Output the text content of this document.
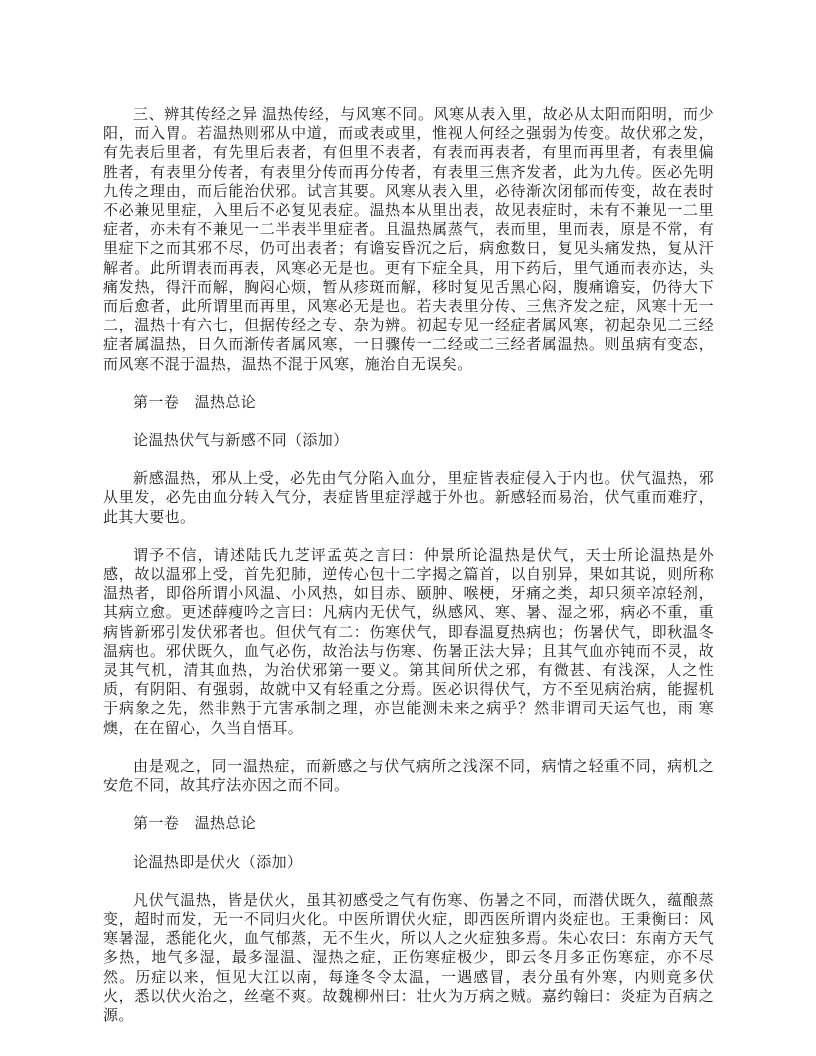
三、辨其传经之异 温热传经，与风寒不同。风寒从表入里，故必从太阳而阳明，而少阳，而入胃。若温热则邪从中道，而或表或里，惟视人何经之强弱为传变。故伏邪之发，有先表后里者，有先里后表者，有但里不表者，有表而再表者，有里而再里者，有表里偏胜者，有表里分传者，有表里分传而再分传者，有表里三焦齐发者，此为九传。医必先明九传之理由，而后能治伏邪。试言其要。风寒从表入里，必待渐次闭郁而传变，故在表时不必兼见里症，入里后不必复见表症。温热本从里出表，故见表症时，未有不兼见一二里症者，亦未有不兼见一二半表半里症者。且温热属蒸气，表而里，里而表，原是不常，有里症下之而其邪不尽，仍可出表者；有谵妄昏沉之后，病愈数日，复见头痛发热，复从汗解者。此所谓表而再表，风寒必无是也。更有下症全具，用下药后，里气通而表亦达，头痛发热，得汗而解，胸闷心烦，暂从疹斑而解，移时复见舌黑心闷，腹痛谵妄，仍待大下而后愈者，此所谓里而再里，风寒必无是也。若夫表里分传、三焦齐发之症，风寒十无一二，温热十有六七，但据传经之专、杂为辨。初起专见一经症者属风寒，初起杂见二三经症者属温热，日久而渐传者属风寒，一日骤传一二经或二三经者属温热。则虽病有变态，而风寒不混于温热，温热不混于风寒，施治自无误矣。

第一卷　温热总论

论温热伏气与新感不同（添加）

新感温热，邪从上受，必先由气分陷入血分，里症皆表症侵入于内也。伏气温热，邪从里发，必先由血分转入气分，表症皆里症浮越于外也。新感轻而易治，伏气重而难疗，此其大要也。

谓予不信，请述陆氏九芝评孟英之言曰：仲景所论温热是伏气，天士所论温热是外感，故以温邪上受，首先犯肺，逆传心包十二字揭之篇首，以自别异，果如其说，则所称温热者，即俗所谓小风温、小风热，如目赤、颐肿、喉梗，牙痛之类，却只须辛凉轻剂，其病立愈。更述薛瘦吟之言曰：凡病内无伏气，纵感风、寒、暑、湿之邪，病必不重，重病皆新邪引发伏邪者也。但伏气有二：伤寒伏气，即春温夏热病也；伤暑伏气，即秋温冬温病也。邪伏既久，血气必伤，故治法与伤寒、伤暑正法大异；且其气血亦钝而不灵，故灵其气机，清其血热，为治伏邪第一要义。第其间所伏之邪，有微甚、有浅深，人之性质，有阴阳、有强弱，故就中又有轻重之分焉。医必识得伏气，方不至见病治病，能握机于病象之先，然非熟于亢害承制之理，亦岂能测未来之病乎？然非谓司天运气也，雨 寒燠，在在留心，久当自悟耳。

由是观之，同一温热症，而新感之与伏气病所之浅深不同，病情之轻重不同，病机之安危不同，故其疗法亦因之而不同。

第一卷　温热总论

论温热即是伏火（添加）

凡伏气温热，皆是伏火，虽其初感受之气有伤寒、伤暑之不同，而潜伏既久，蕴酿蒸变，超时而发，无一不同归火化。中医所谓伏火症，即西医所谓内炎症也。王秉衡曰：风寒暑湿，悉能化火，血气郁蒸，无不生火，所以人之火症独多焉。朱心农曰：东南方天气多热，地气多湿，最多湿温、湿热之症，正伤寒症极少，即云冬月多正伤寒症，亦不尽然。历症以来，恒见大江以南，每逢冬令太温，一遇感冒，表分虽有外寒，内则竟多伏火，悉以伏火治之，丝毫不爽。故魏柳州曰：壮火为万病之贼。嘉约翰曰：炎症为百病之源。
